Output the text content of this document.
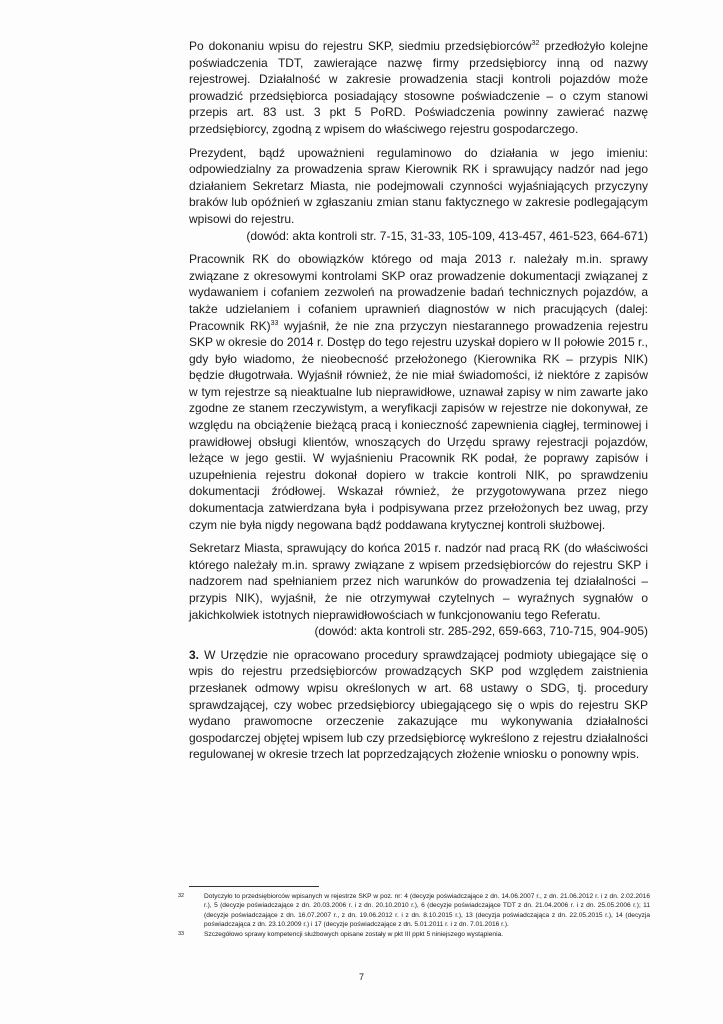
Po dokonaniu wpisu do rejestru SKP, siedmiu przedsiębiorców$^{32}$ przedłożyło kolejne poświadczenia TDT, zawierające nazwę firmy przedsiębiorcy inną od nazwy rejestrowej. Działalność w zakresie prowadzenia stacji kontroli pojazdów może prowadzić przedsiębiorca posiadający stosowne poświadczenie – o czym stanowi przepis art. 83 ust. 3 pkt 5 PoRD. Poświadczenia powinny zawierać nazwę przedsiębiorcy, zgodną z wpisem do właściwego rejestru gospodarczego.

Prezydent, bądź upoważnieni regulaminowo do działania w jego imieniu: odpowiedzialny za prowadzenia spraw Kierownik RK i sprawujący nadzór nad jego działaniem Sekretarz Miasta, nie podejmowali czynności wyjaśniających przyczyny braków lub opóźnień w zgłaszaniu zmian stanu faktycznego w zakresie podlegającym wpisowi do rejestru.

(dowód: akta kontroli str. 7-15, 31-33, 105-109, 413-457, 461-523, 664-671)

Pracownik RK do obowiązków którego od maja 2013 r. należały m.in. sprawy związane z okresowymi kontrolami SKP oraz prowadzenie dokumentacji związanej z wydawaniem i cofaniem zezwoleń na prowadzenie badań technicznych pojazdów, a także udzielaniem i cofaniem uprawnień diagnostów w nich pracujących (dalej: Pracownik RK)$^{33}$ wyjaśnił, że nie zna przyczyn niestarannego prowadzenia rejestru SKP w okresie do 2014 r. Dostęp do tego rejestru uzyskał dopiero w II połowie 2015 r., gdy było wiadomo, że nieobecność przełożonego (Kierownika RK – przypis NIK) będzie długotrwała. Wyjaśnił również, że nie miał świadomości, iż niektóre z zapisów w tym rejestrze są nieaktualne lub nieprawidłowe, uznawał zapisy w nim zawarte jako zgodne ze stanem rzeczywistym, a weryfikacji zapisów w rejestrze nie dokonywał, ze względu na obciążenie bieżącą pracą i konieczność zapewnienia ciągłej, terminowej i prawidłowej obsługi klientów, wnoszących do Urzędu sprawy rejestracji pojazdów, leżące w jego gestii. W wyjaśnieniu Pracownik RK podał, że poprawy zapisów i uzupełnienia rejestru dokonał dopiero w trakcie kontroli NIK, po sprawdzeniu dokumentacji źródłowej. Wskazał również, że przygotowywana przez niego dokumentacja zatwierdzana była i podpisywana przez przełożonych bez uwag, przy czym nie była nigdy negowana bądź poddawana krytycznej kontroli służbowej.

Sekretarz Miasta, sprawujący do końca 2015 r. nadzór nad pracą RK (do właściwości którego należały m.in. sprawy związane z wpisem przedsiębiorców do rejestru SKP i nadzorem nad spełnianiem przez nich warunków do prowadzenia tej działalności – przypis NIK), wyjaśnił, że nie otrzymywał czytelnych – wyraźnych sygnałów o jakichkolwiek istotnych nieprawidłowościach w funkcjonowaniu tego Referatu.

(dowód: akta kontroli str. 285-292, 659-663, 710-715, 904-905)

3. W Urzędzie nie opracowano procedury sprawdzającej podmioty ubiegające się o wpis do rejestru przedsiębiorców prowadzących SKP pod względem zaistnienia przesłanek odmowy wpisu określonych w art. 68 ustawy o SDG, tj. procedury sprawdzającej, czy wobec przedsiębiorcy ubiegającego się o wpis do rejestru SKP wydano prawomocne orzeczenie zakazujące mu wykonywania działalności gospodarczej objętej wpisem lub czy przedsiębiorcę wykreślono z rejestru działalności regulowanej w okresie trzech lat poprzedzających złożenie wniosku o ponowny wpis.

32	Dotyczyło to przedsiębiorców wpisanych w rejestrze SKP w poz. nr: 4 (decyzje poświadczające z dn. 14.06.2007 r., z dn. 21.06.2012 r. i z dn. 2.02.2016 r.), 5 (decyzje poświadczające z dn. 20.03.2006 r. i z dn. 20.10.2010 r.), 6 (decyzje poświadczające TDT z dn. 21.04.2006 r. i z dn. 25.05.2006 r.); 11 (decyzje poświadczające z dn. 16.07.2007 r., z dn. 19.06.2012 r. i z dn. 8.10.2015 r.), 13 (decyzja poświadczająca z dn. 22.05.2015 r.), 14 (decyzja poświadczająca z dn. 23.10.2009 r.) i 17 (decyzje poświadczające z dn. 5.01.2011 r. i z dn. 7.01.2016 r.).

33	Szczegółowo sprawy kompetencji służbowych opisane zostały w pkt III ppkt 5 niniejszego wystąpienia.

7
